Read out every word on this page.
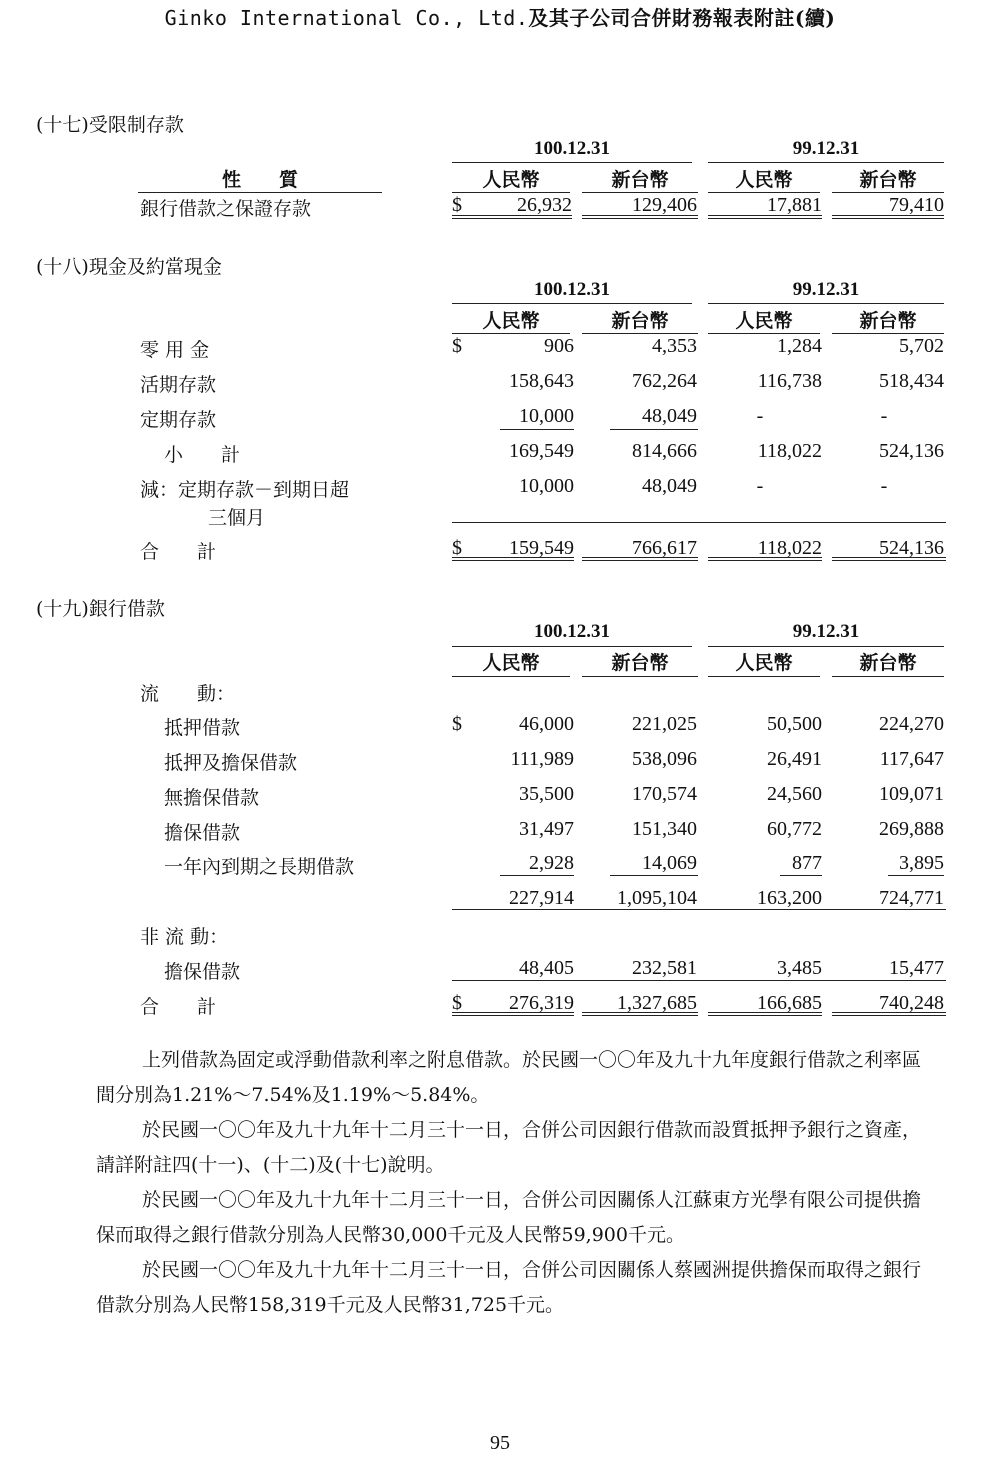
Ginko International Co., Ltd.及其子公司合併財務報表附註(續)
(十七)受限制存款
100.12.31	99.12.31
性　　質	人民幣	新台幣	人民幣	新台幣
銀行借款之保證存款	$	26,932	129,406	17,881	79,410
(十八)現金及約當現金
100.12.31	99.12.31
人民幣	新台幣	人民幣	新台幣
零 用 金	$	906	4,353	1,284	5,702
活期存款	158,643	762,264	116,738	518,434
定期存款	10,000	48,049	-	-
小　　計	169,549	814,666	118,022	524,136
減：定期存款－到期日超
三個月
10,000	48,049	-	-
合　　計	$	159,549	766,617	118,022	524,136
(十九)銀行借款
100.12.31	99.12.31
人民幣	新台幣	人民幣	新台幣
流　　動：
抵押借款	$	46,000	221,025	50,500	224,270
抵押及擔保借款	111,989	538,096	26,491	117,647
無擔保借款	35,500	170,574	24,560	109,071
擔保借款	31,497	151,340	60,772	269,888
一年內到期之長期借款	2,928	14,069	877	3,895
227,914	1,095,104	163,200	724,771
非 流 動：
擔保借款	48,405	232,581	3,485	15,477
合　　計	$	276,319	1,327,685	166,685	740,248

上列借款為固定或浮動借款利率之附息借款。於民國一〇〇年及九十九年度銀行借款之利率區間分別為1.21%～7.54%及1.19%～5.84%。

於民國一〇〇年及九十九年十二月三十一日，合併公司因銀行借款而設質抵押予銀行之資產，請詳附註四(十一)、(十二)及(十七)說明。

於民國一〇〇年及九十九年十二月三十一日，合併公司因關係人江蘇東方光學有限公司提供擔保而取得之銀行借款分別為人民幣30,000千元及人民幣59,900千元。

於民國一〇〇年及九十九年十二月三十一日，合併公司因關係人蔡國洲提供擔保而取得之銀行借款分別為人民幣158,319千元及人民幣31,725千元。

95
